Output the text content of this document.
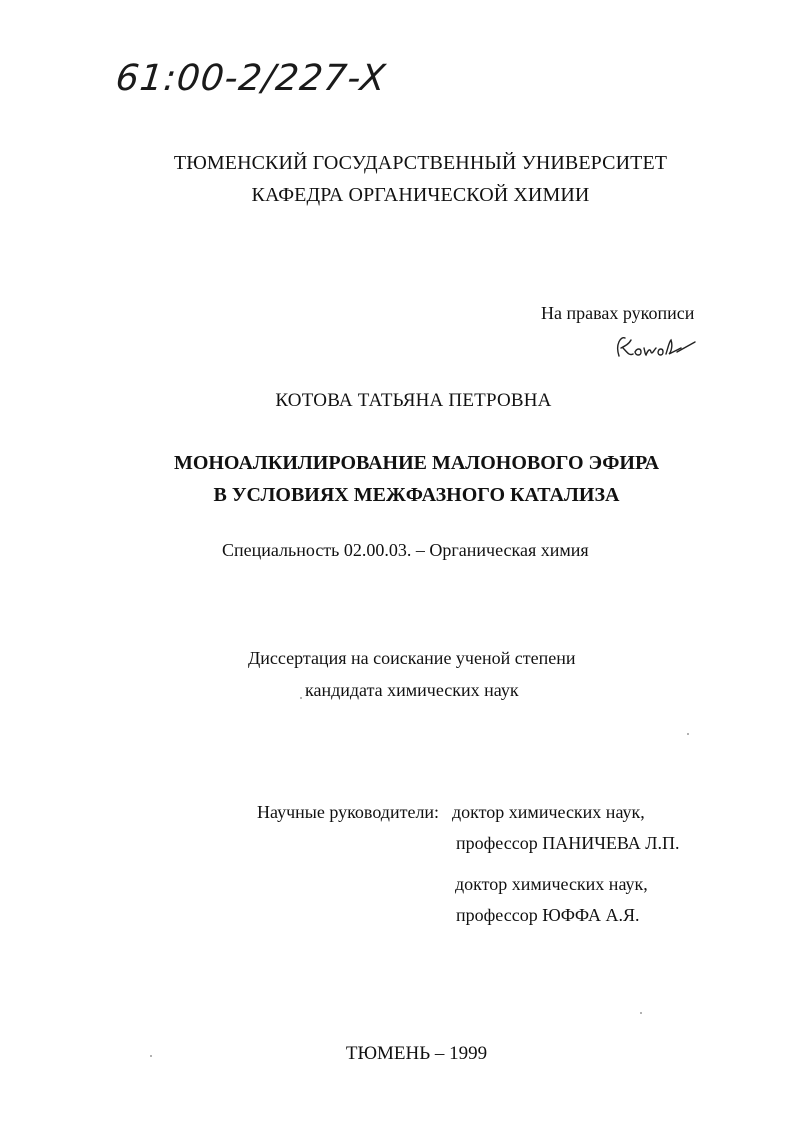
61:00-2/227-X
ТЮМЕНСКИЙ ГОСУДАРСТВЕННЫЙ УНИВЕРСИТЕТ
КАФЕДРА ОРГАНИЧЕСКОЙ ХИМИИ
На правах рукописи
КОТОВА ТАТЬЯНА ПЕТРОВНА
МОНОАЛКИЛИРОВАНИЕ МАЛОНОВОГО ЭФИРА
В УСЛОВИЯХ МЕЖФАЗНОГО КАТАЛИЗА
Специальность 02.00.03. – Органическая химия
Диссертация на соискание ученой степени
кандидата химических наук
Научные руководители: доктор химических наук,
профессор ПАНИЧЕВА Л.П.
доктор химических наук,
профессор ЮФФА А.Я.
ТЮМЕНЬ – 1999
